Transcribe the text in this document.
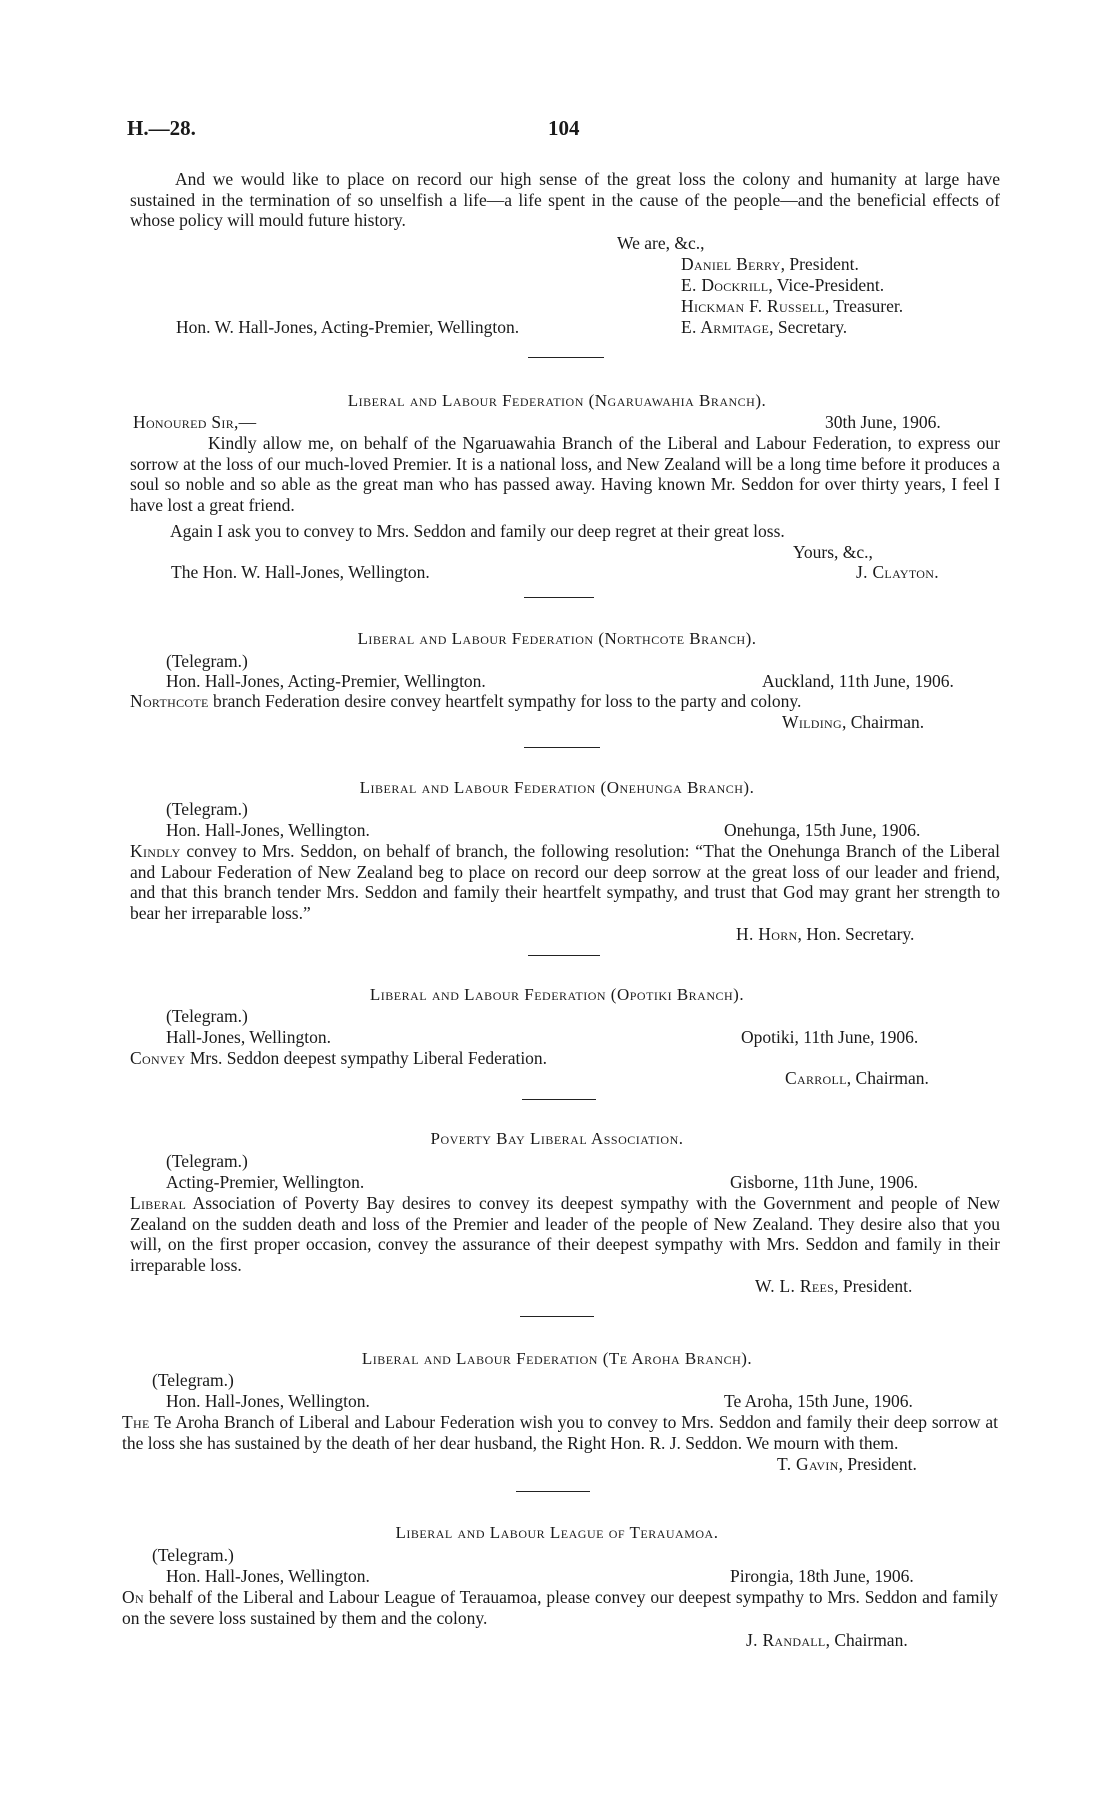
H.—28.	104
And we would like to place on record our high sense of the great loss the colony and humanity at large have sustained in the termination of so unselfish a life—a life spent in the cause of the people—and the beneficial effects of whose policy will mould future history.
We are, &c.,
Daniel Berry, President.
E. Dockrill, Vice-President.
Hickman F. Russell, Treasurer.
E. Armitage, Secretary.
Hon. W. Hall-Jones, Acting-Premier, Wellington.
Liberal and Labour Federation (Ngaruawahia Branch).
Honoured Sir,—	30th June, 1906.
Kindly allow me, on behalf of the Ngaruawahia Branch of the Liberal and Labour Federation, to express our sorrow at the loss of our much-loved Premier. It is a national loss, and New Zealand will be a long time before it produces a soul so noble and so able as the great man who has passed away. Having known Mr. Seddon for over thirty years, I feel I have lost a great friend.
Again I ask you to convey to Mrs. Seddon and family our deep regret at their great loss.
Yours, &c.,
The Hon. W. Hall-Jones, Wellington.	J. Clayton.
Liberal and Labour Federation (Northcote Branch).
(Telegram.)
Hon. Hall-Jones, Acting-Premier, Wellington.	Auckland, 11th June, 1906.
Northcote branch Federation desire convey heartfelt sympathy for loss to the party and colony.
Wilding, Chairman.
Liberal and Labour Federation (Onehunga Branch).
(Telegram.)
Hon. Hall-Jones, Wellington.	Onehunga, 15th June, 1906.
Kindly convey to Mrs. Seddon, on behalf of branch, the following resolution: “That the Onehunga Branch of the Liberal and Labour Federation of New Zealand beg to place on record our deep sorrow at the great loss of our leader and friend, and that this branch tender Mrs. Seddon and family their heartfelt sympathy, and trust that God may grant her strength to bear her irreparable loss.”
H. Horn, Hon. Secretary.
Liberal and Labour Federation (Opotiki Branch).
(Telegram.)
Hall-Jones, Wellington.	Opotiki, 11th June, 1906.
Convey Mrs. Seddon deepest sympathy Liberal Federation.
Carroll, Chairman.
Poverty Bay Liberal Association.
(Telegram.)
Acting-Premier, Wellington.	Gisborne, 11th June, 1906.
Liberal Association of Poverty Bay desires to convey its deepest sympathy with the Government and people of New Zealand on the sudden death and loss of the Premier and leader of the people of New Zealand. They desire also that you will, on the first proper occasion, convey the assurance of their deepest sympathy with Mrs. Seddon and family in their irreparable loss.
W. L. Rees, President.
Liberal and Labour Federation (Te Aroha Branch).
(Telegram.)
Hon. Hall-Jones, Wellington.	Te Aroha, 15th June, 1906.
The Te Aroha Branch of Liberal and Labour Federation wish you to convey to Mrs. Seddon and family their deep sorrow at the loss she has sustained by the death of her dear husband, the Right Hon. R. J. Seddon. We mourn with them.
T. Gavin, President.
Liberal and Labour League of Terauamoa.
(Telegram.)
Hon. Hall-Jones, Wellington.	Pirongia, 18th June, 1906.
On behalf of the Liberal and Labour League of Terauamoa, please convey our deepest sympathy to Mrs. Seddon and family on the severe loss sustained by them and the colony.
J. Randall, Chairman.
